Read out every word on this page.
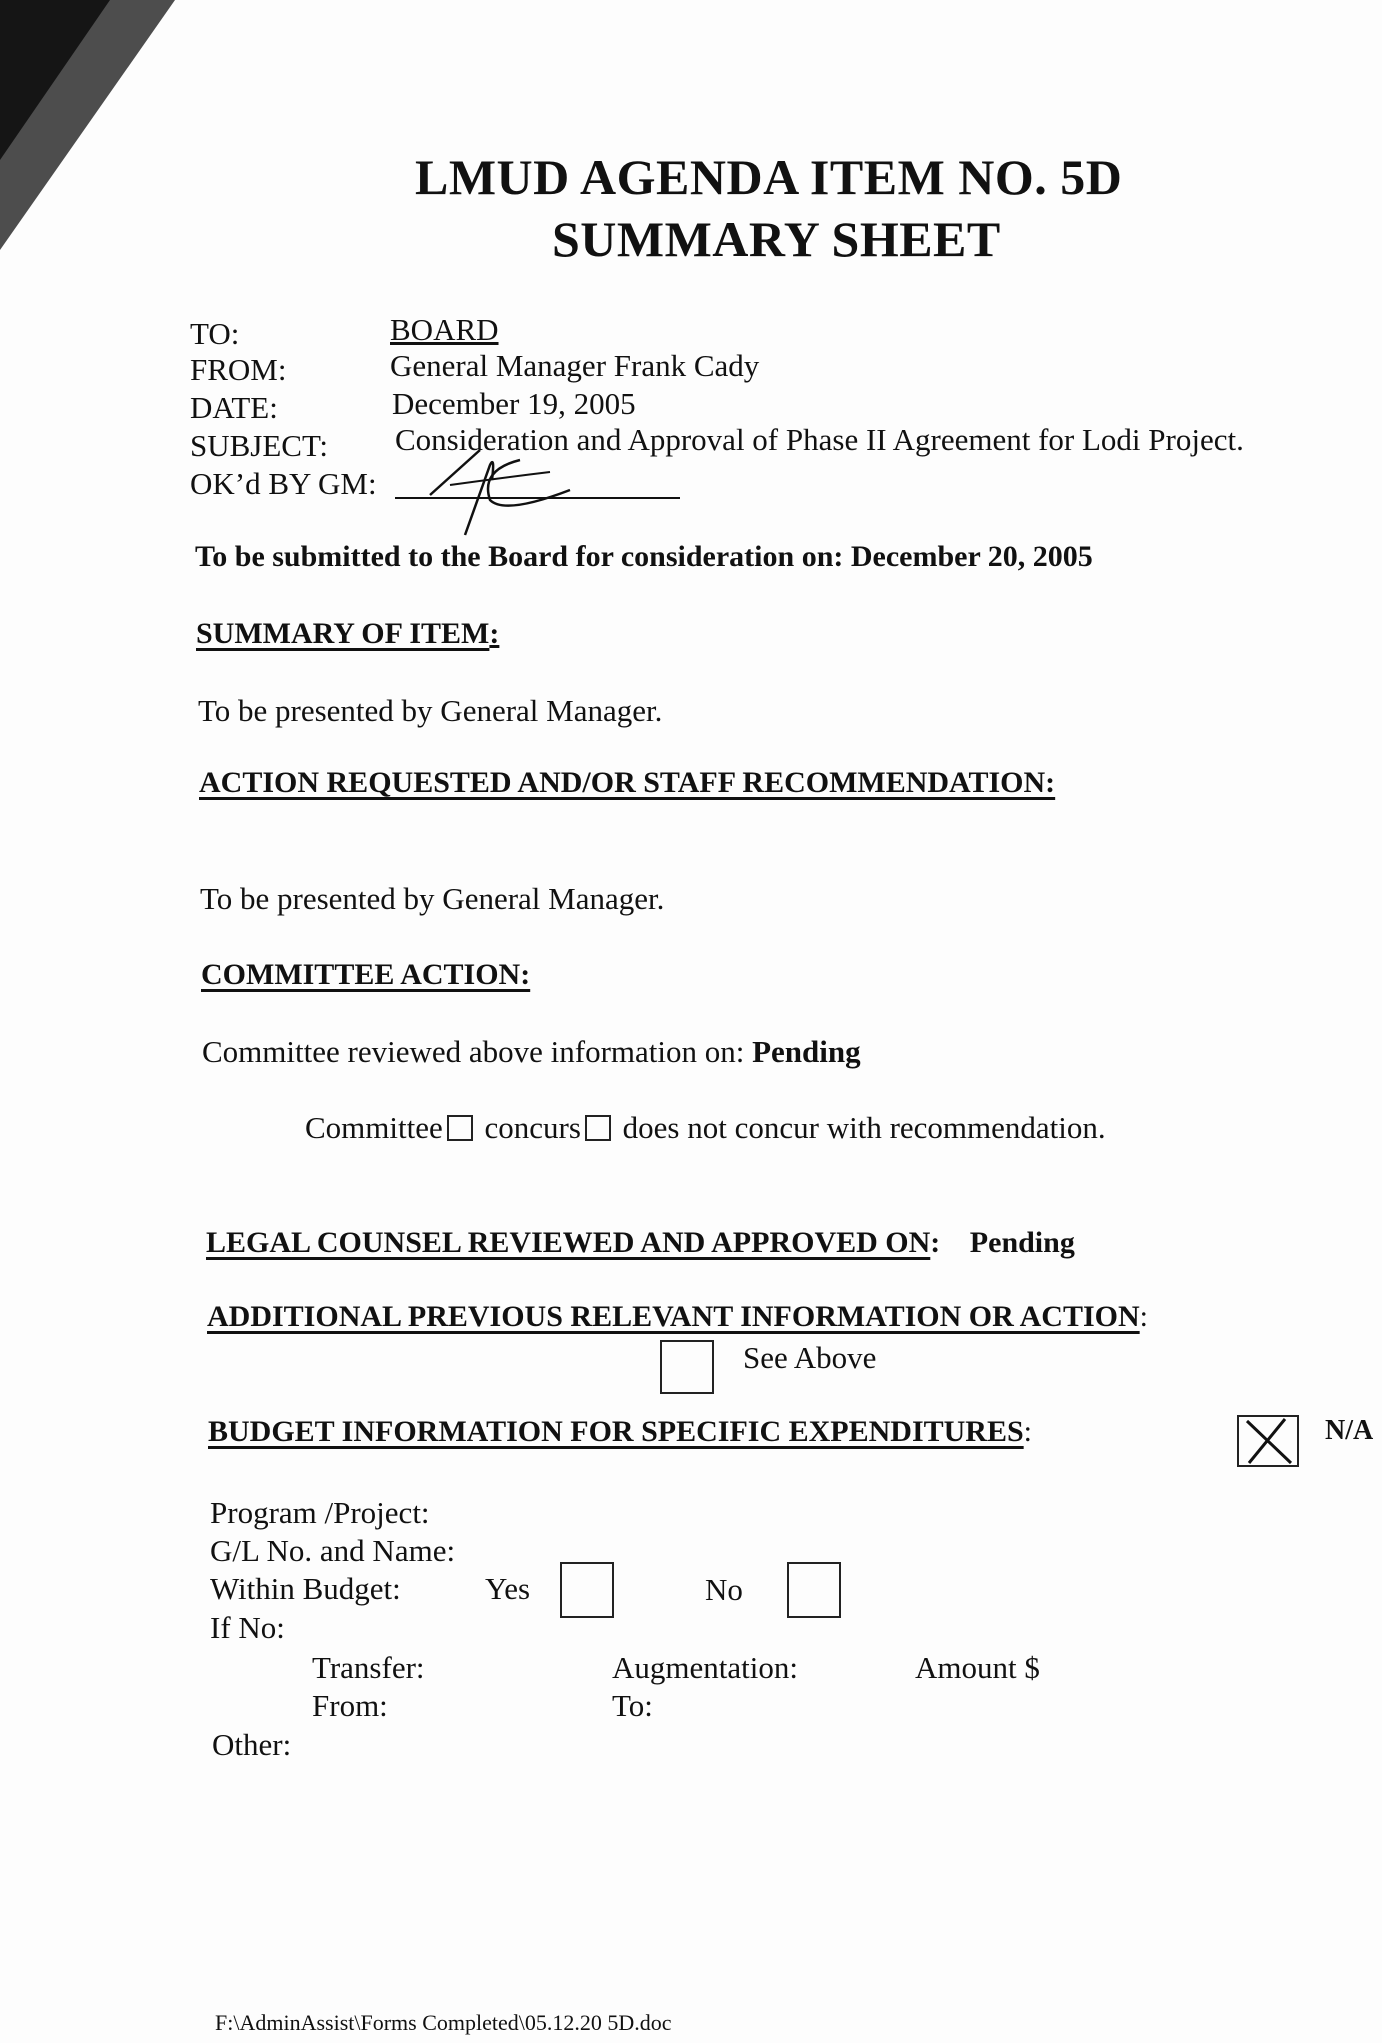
LMUD AGENDA ITEM NO. 5D
SUMMARY SHEET
TO:	BOARD
FROM:	General Manager Frank Cady
DATE:	December 19, 2005
SUBJECT: Consideration and Approval of Phase II Agreement for Lodi Project.
OK’d BY GM:
To be submitted to the Board for consideration on: December 20, 2005
SUMMARY OF ITEM:
To be presented by General Manager.
ACTION REQUESTED AND/OR STAFF RECOMMENDATION:
To be presented by General Manager.
COMMITTEE ACTION:
Committee reviewed above information on: Pending
Committee concurs does not concur with recommendation.
LEGAL COUNSEL REVIEWED AND APPROVED ON: Pending
ADDITIONAL PREVIOUS RELEVANT INFORMATION OR ACTION:
See Above
BUDGET INFORMATION FOR SPECIFIC EXPENDITURES:	N/A
Program /Project:
G/L No. and Name:
Within Budget:	Yes	No
If No:
Transfer:	Augmentation:	Amount $
From:	To:
Other:
F:\AdminAssist\Forms Completed\05.12.20 5D.doc
